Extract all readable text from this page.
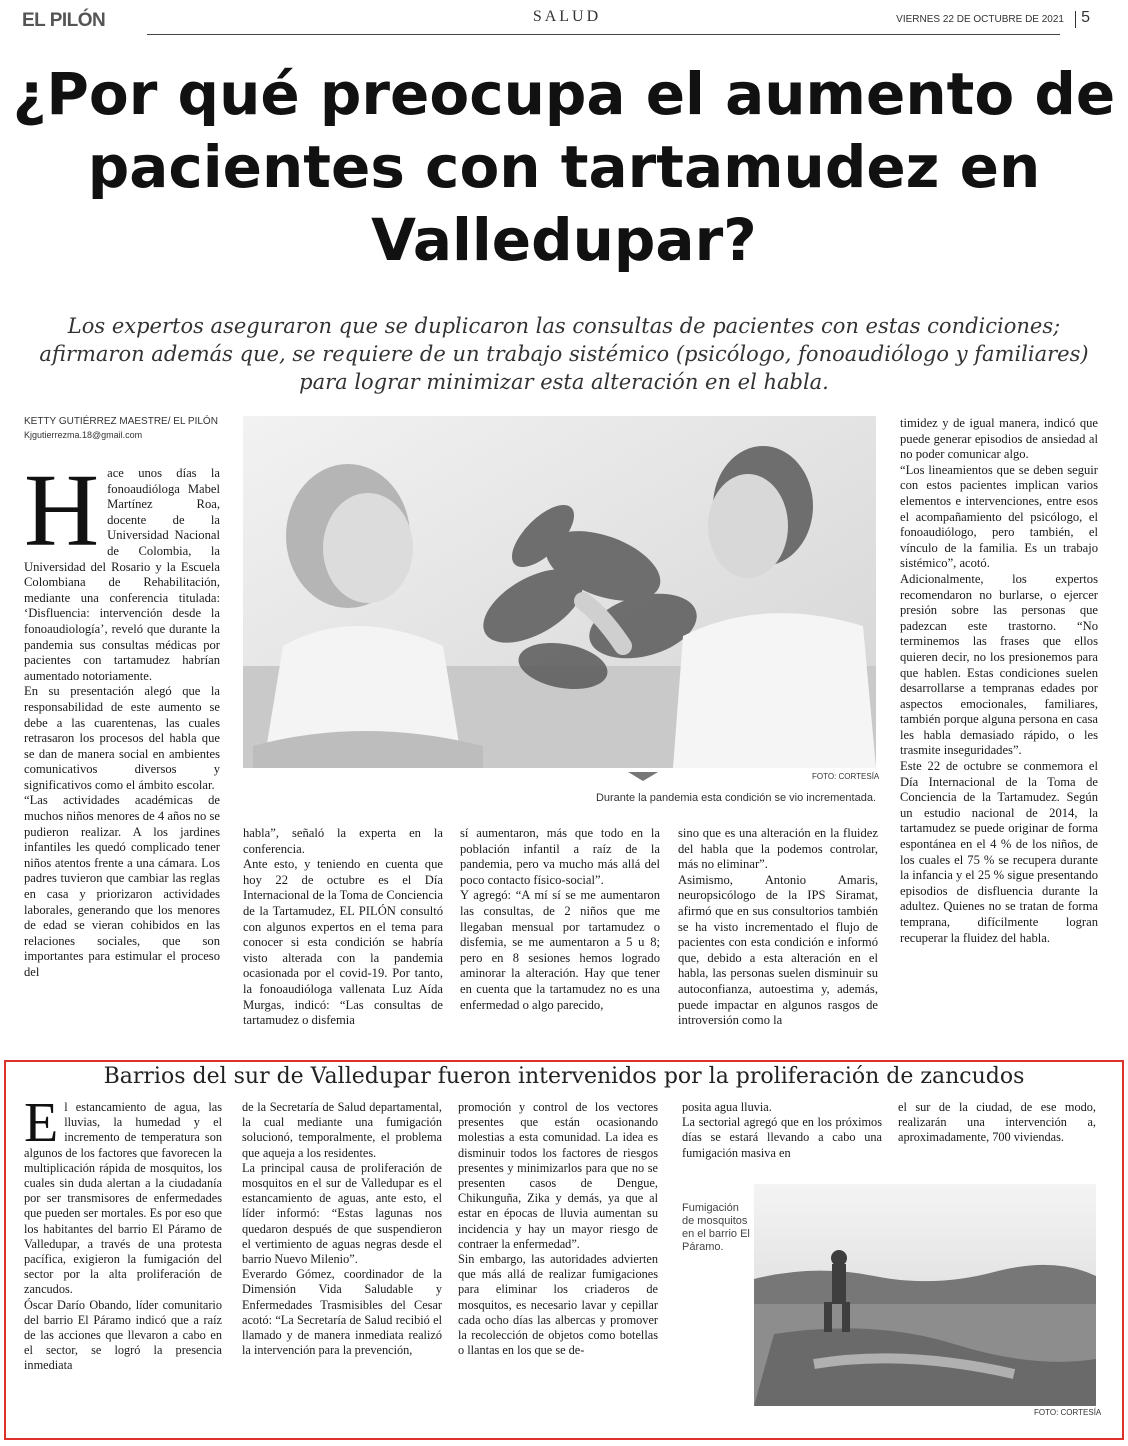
EL PILÓN	SALUD	VIERNES 22 DE OCTUBRE DE 2021 5
¿Por qué preocupa el aumento de pacientes con tartamudez en Valledupar?
Los expertos aseguraron que se duplicaron las consultas de pacientes con estas condiciones; afirmaron además que, se requiere de un trabajo sistémico (psicólogo, fonoaudiólogo y familiares) para lograr minimizar esta alteración en el habla.
KETTY GUTIÉRREZ MAESTRE/ EL PILÓN
Kjgutierrezma.18@gmail.com

Hace unos días la fonoaudióloga Mabel Martínez Roa, docente de la Universidad Nacional de Colombia, la Universidad del Rosario y la Escuela Colombiana de Rehabilitación, mediante una conferencia titulada: ‘Disfluencia: intervención desde la fonoaudiología’, reveló que durante la pandemia sus consultas médicas por pacientes con tartamudez habrían aumentado notoriamente.

En su presentación alegó que la responsabilidad de este aumento se debe a las cuarentenas, las cuales retrasaron los procesos del habla que se dan de manera social en ambientes comunicativos diversos y significativos como el ámbito escolar.

“Las actividades académicas de muchos niños menores de 4 años no se pudieron realizar. A los jardines infantiles les quedó complicado tener niños atentos frente a una cámara. Los padres tuvieron que cambiar las reglas en casa y priorizaron actividades laborales, generando que los menores de edad se vieran cohibidos en las relaciones sociales, que son importantes para estimular el proceso del

FOTO: CORTESÍA
Durante la pandemia esta condición se vio incrementada.

habla”, señaló la experta en la conferencia.

Ante esto, y teniendo en cuenta que hoy 22 de octubre es el Día Internacional de la Toma de Conciencia de la Tartamudez, EL PILÓN consultó con algunos expertos en el tema para conocer si esta condición se habría visto alterada con la pandemia ocasionada por el covid-19. Por tanto, la fonoaudióloga vallenata Luz Aída Murgas, indicó: “Las consultas de tartamudez o disfemia

sí aumentaron, más que todo en la población infantil a raíz de la pandemia, pero va mucho más allá del poco contacto físico-social”.

Y agregó: “A mí sí se me aumentaron las consultas, de 2 niños que me llegaban mensual por tartamudez o disfemia, se me aumentaron a 5 u 8; pero en 8 sesiones hemos logrado aminorar la alteración. Hay que tener en cuenta que la tartamudez no es una enfermedad o algo parecido,

sino que es una alteración en la fluidez del habla que la podemos controlar, más no eliminar”.

Asimismo, Antonio Amaris, neuropsicólogo de la IPS Siramat, afirmó que en sus consultorios también se ha visto incrementado el flujo de pacientes con esta condición e informó que, debido a esta alteración en el habla, las personas suelen disminuir su autoconfianza, autoestima y, además, puede impactar en algunos rasgos de introversión como la

timidez y de igual manera, indicó que puede generar episodios de ansiedad al no poder comunicar algo.

“Los lineamientos que se deben seguir con estos pacientes implican varios elementos e intervenciones, entre esos el acompañamiento del psicólogo, el fonoaudiólogo, pero también, el vínculo de la familia. Es un trabajo sistémico”, acotó.

Adicionalmente, los expertos recomendaron no burlarse, o ejercer presión sobre las personas que padezcan este trastorno. “No terminemos las frases que ellos quieren decir, no los presionemos para que hablen. Estas condiciones suelen desarrollarse a tempranas edades por aspectos emocionales, familiares, también porque alguna persona en casa les habla demasiado rápido, o les trasmite inseguridades”.

Este 22 de octubre se conmemora el Día Internacional de la Toma de Conciencia de la Tartamudez. Según un estudio nacional de 2014, la tartamudez se puede originar de forma espontánea en el 4 % de los niños, de los cuales el 75 % se recupera durante la infancia y el 25 % sigue presentando episodios de disfluencia durante la adultez. Quienes no se tratan de forma temprana, difícilmente logran recuperar la fluidez del habla.

Barrios del sur de Valledupar fueron intervenidos por la proliferación de zancudos

El estancamiento de agua, las lluvias, la humedad y el incremento de temperatura son algunos de los factores que favorecen la multiplicación rápida de mosquitos, los cuales sin duda alertan a la ciudadanía por ser transmisores de enfermedades que pueden ser mortales. Es por eso que los habitantes del barrio El Páramo de Valledupar, a través de una protesta pacífica, exigieron la fumigación del sector por la alta proliferación de zancudos.

Óscar Darío Obando, líder comunitario del barrio El Páramo indicó que a raíz de las acciones que llevaron a cabo en el sector, se logró la presencia inmediata

de la Secretaría de Salud departamental, la cual mediante una fumigación solucionó, temporalmente, el problema que aqueja a los residentes.

La principal causa de proliferación de mosquitos en el sur de Valledupar es el estancamiento de aguas, ante esto, el líder informó: “Estas lagunas nos quedaron después de que suspendieron el vertimiento de aguas negras desde el barrio Nuevo Milenio”.

Everardo Gómez, coordinador de la Dimensión Vida Saludable y Enfermedades Trasmisibles del Cesar acotó: “La Secretaría de Salud recibió el llamado y de manera inmediata realizó la intervención para la prevención,

promoción y control de los vectores presentes que están ocasionando molestias a esta comunidad. La idea es disminuir todos los factores de riesgos presentes y minimizarlos para que no se presenten casos de Dengue, Chikunguña, Zika y demás, ya que al estar en épocas de lluvia aumentan su incidencia y hay un mayor riesgo de contraer la enfermedad”.

Sin embargo, las autoridades advierten que más allá de realizar fumigaciones para eliminar los criaderos de mosquitos, es necesario lavar y cepillar cada ocho días las albercas y promover la recolección de objetos como botellas o llantas en los que se de-

posita agua lluvia.

La sectorial agregó que en los próximos días se estará llevando a cabo una fumigación masiva en

el sur de la ciudad, de ese modo, realizarán una intervención a, aproximadamente, 700 viviendas.

Fumigación de mosquitos en el barrio El Páramo.
FOTO: CORTESÍA
